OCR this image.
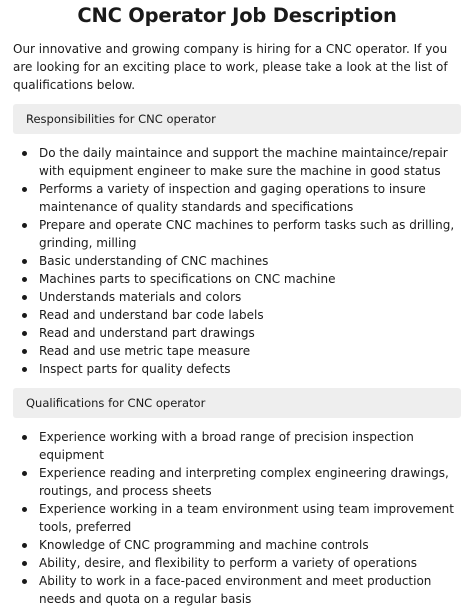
CNC Operator Job Description

Our innovative and growing company is hiring for a CNC operator. If you are looking for an exciting place to work, please take a look at the list of qualifications below.

Responsibilities for CNC operator
Do the daily maintaince and support the machine maintaince/repair with equipment engineer to make sure the machine in good status
Performs a variety of inspection and gaging operations to insure maintenance of quality standards and specifications
Prepare and operate CNC machines to perform tasks such as drilling, grinding, milling
Basic understanding of CNC machines
Machines parts to specifications on CNC machine
Understands materials and colors
Read and understand bar code labels
Read and understand part drawings
Read and use metric tape measure
Inspect parts for quality defects
Qualifications for CNC operator
Experience working with a broad range of precision inspection equipment
Experience reading and interpreting complex engineering drawings, routings, and process sheets
Experience working in a team environment using team improvement tools, preferred
Knowledge of CNC programming and machine controls
Ability, desire, and flexibility to perform a variety of operations
Ability to work in a face-paced environment and meet production needs and quota on a regular basis
